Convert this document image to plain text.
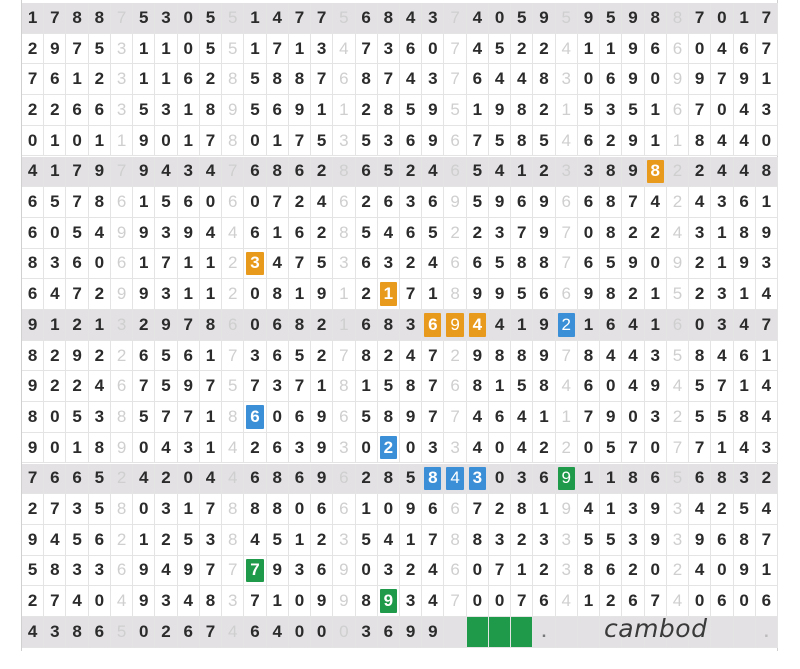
1 7 8 8 7 5 3 0 5 5 1 4 7 7 5 6 8 4 3 7 4 0 5 9 5 9 5 9 8 8 7 0 1 7
2 9 7 5 3 1 1 0 5 5 1 7 1 3 4 7 3 6 0 7 4 5 2 2 4 1 1 9 6 6 0 4 6 7
7 6 1 2 3 1 1 6 2 8 5 8 8 7 6 8 7 4 3 7 6 4 4 8 3 0 6 9 0 9 9 7 9 1
2 2 6 6 3 5 3 1 8 9 5 6 9 1 1 2 8 5 9 5 1 9 8 2 1 5 3 5 1 6 7 0 4 3
0 1 0 1 1 9 0 1 7 8 0 1 7 5 3 5 3 6 9 6 7 5 8 5 4 6 2 9 1 1 8 4 4 0
4 1 7 9 7 9 4 3 4 7 6 8 6 2 8 6 5 2 4 6 5 4 1 2 3 3 8 9 8 2 2 4 4 8
6 5 7 8 6 1 5 6 0 6 0 7 2 4 6 2 6 3 6 9 5 9 6 9 6 6 8 7 4 2 4 3 6 1
6 0 5 4 9 9 3 9 4 4 6 1 6 2 8 5 4 6 5 2 2 3 7 9 7 0 8 2 2 4 3 1 8 9
8 3 6 0 6 1 7 1 1 2 3 4 7 5 3 6 3 2 4 6 6 5 8 8 7 6 5 9 0 9 2 1 9 3
6 4 7 2 9 9 3 1 1 2 0 8 1 9 1 2 1 7 1 8 9 9 5 6 6 9 8 2 1 5 2 3 1 4
9 1 2 1 3 2 9 7 8 6 0 6 8 2 1 6 8 3 6 9 4 4 1 9 2 1 6 4 1 6 0 3 4 7
8 2 9 2 2 6 5 6 1 7 3 6 5 2 7 8 2 4 7 2 9 8 8 9 7 8 4 4 3 5 8 4 6 1
9 2 2 4 6 7 5 9 7 5 7 3 7 1 8 1 5 8 7 6 8 1 5 8 4 6 0 4 9 4 5 7 1 4
8 0 5 3 8 5 7 7 1 8 6 0 6 9 6 5 8 9 7 7 4 6 4 1 1 7 9 0 3 2 5 5 8 4
9 0 1 8 9 0 4 3 1 4 2 6 3 9 3 0 2 0 3 3 4 0 4 2 2 0 5 7 0 7 7 1 4 3
7 6 6 5 2 4 2 0 4 4 6 8 6 9 6 2 8 5 8 4 3 0 3 6 9 1 1 8 6 5 6 8 3 2
2 7 3 5 8 0 3 1 7 8 8 8 0 6 6 1 0 9 6 6 7 2 8 1 9 4 1 3 9 3 4 2 5 4
9 4 5 6 2 1 2 5 3 8 4 5 1 2 3 5 4 1 7 8 8 3 2 3 3 5 5 3 9 3 9 6 8 7
5 8 3 3 6 9 4 9 7 7 7 9 3 6 9 0 3 2 4 6 0 7 1 2 3 8 6 2 0 2 4 0 9 1
2 7 4 0 4 9 3 4 8 3 7 1 0 9 9 8 9 3 4 7 0 0 7 6 4 1 2 6 7 4 0 6 0 6
4 3 8 6 5 0 2 6 7 4 6 4 0 0 0 3 6 9 9	.	.
cambod
